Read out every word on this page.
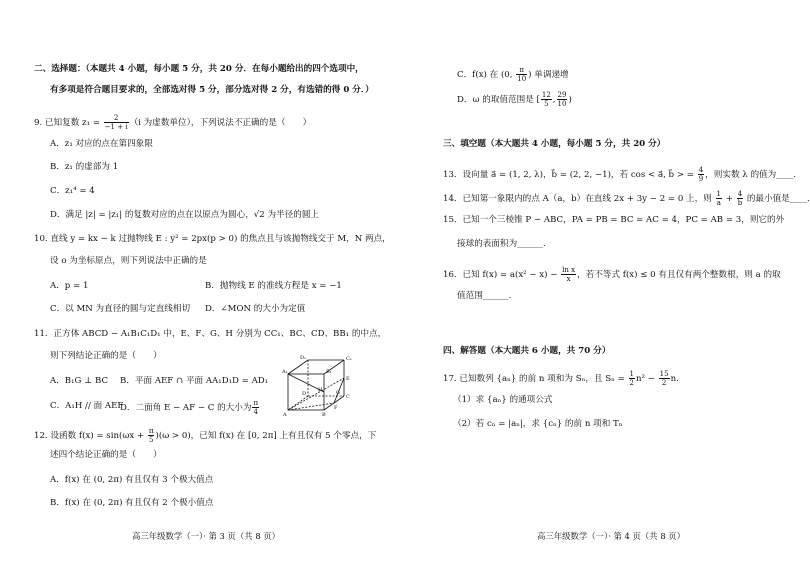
二、选择题：（本题共 4 小题，每小题 5 分，共 20 分．在每小题给出的四个选项中，
有多项是符合题目要求的，全部选对得 5 分，部分选对得 2 分，有选错的得 0 分．）
9. 已知复数 $z_1 = \frac{2}{-1 + i} (i$ 为虚数单位），下列说法不正确的是（　　）
A．z₁ 对应的点在第四象限
B．z₁ 的虚部为 1
C．z₁⁴ = 4
D．满足 |z| = |z₁| 的复数对应的点在以原点为圆心，√2 为半径的圆上
10. 直线 y = kx − k 过抛物线 E : y² = 2px(p > 0) 的焦点且与该抛物线交于 M，N 两点，
设 o 为坐标原点，则下列说法中正确的是
A．p = 1	B．抛物线 E 的准线方程是 x = −1
C．以 MN 为直径的圆与定直线相切 D．∠MON 的大小为定值
11．正方体 ABCD − A₁B₁C₁D₁ 中，E、F、G、H 分别为 CC₁、BC、CD、BB₁ 的中点，
则下列结论正确的是（　　）
A．B₁G ⊥ BC B．平面 AEF ∩ 平面 AA₁D₁D = AD₁
C．A₁H // 面 AEF
D．二面角 E − AF − C 的大小为 $\frac{\pi}{4}$
D₁	C₁
A₁	B₁
E
D	G
C
H
A
F
B
12. 设函数 $f(x) = \sin(\omega x + \frac{\pi}{5} )(\omega > 0)$，已知 f(x) 在 [0, 2π] 上有且仅有 5 个零点，下
述四个结论正确的是（　　）
A．f(x) 在 (0, 2π) 有且仅有 3 个极大值点
B．f(x) 在 (0, 2π) 有且仅有 2 个极小值点
高三年级数学（一）· 第 3 页（共 8 页）
C．f(x) 在 (0, $\frac{\pi}{10}$ ) 单调递增
D．ω 的取值范围是 [ $\frac{12}{5}$ , $\frac{29}{10}$ )
三、填空题（本大题共 4 小题，每小题 5 分，共 20 分）
13．设向量 a⃗ = (1, 2, λ)，b⃗ = (2, 2, −1)，若 cos < a⃗, b⃗ > = $\frac{4}{9}$ ，则实数 λ 的值为____.
14．已知第一象限内的点 A（a，b）在直线 2x + 3y − 2 = 0 上，则 $\frac{1}{a} + \frac{4}{b}$ 的最小值是____.
15．已知一个三棱锥 P − ABC，PA = PB = BC = AC = 4，PC = AB = 3，则它的外
接球的表面积为______.
16．已知 $f(x) = a(x^2 - x) - \frac{\text{ln x}}{x}$ ，若不等式 f(x) ≤ 0 有且仅有两个整数根，则 a 的取
值范围______.
四、解答题（本大题共 6 小题，共 70 分）
17. 已知数列 {aₙ} 的前 n 项和为 Sₙ，且 $S_n = \frac{1}{2} n^2 - \frac{15}{2} n$.
（1）求 {aₙ} 的通项公式
（2）若 cₙ = |aₙ|，求 {cₙ} 的前 n 项和 Tₙ
高三年级数学（一）· 第 4 页（共 8 页）
